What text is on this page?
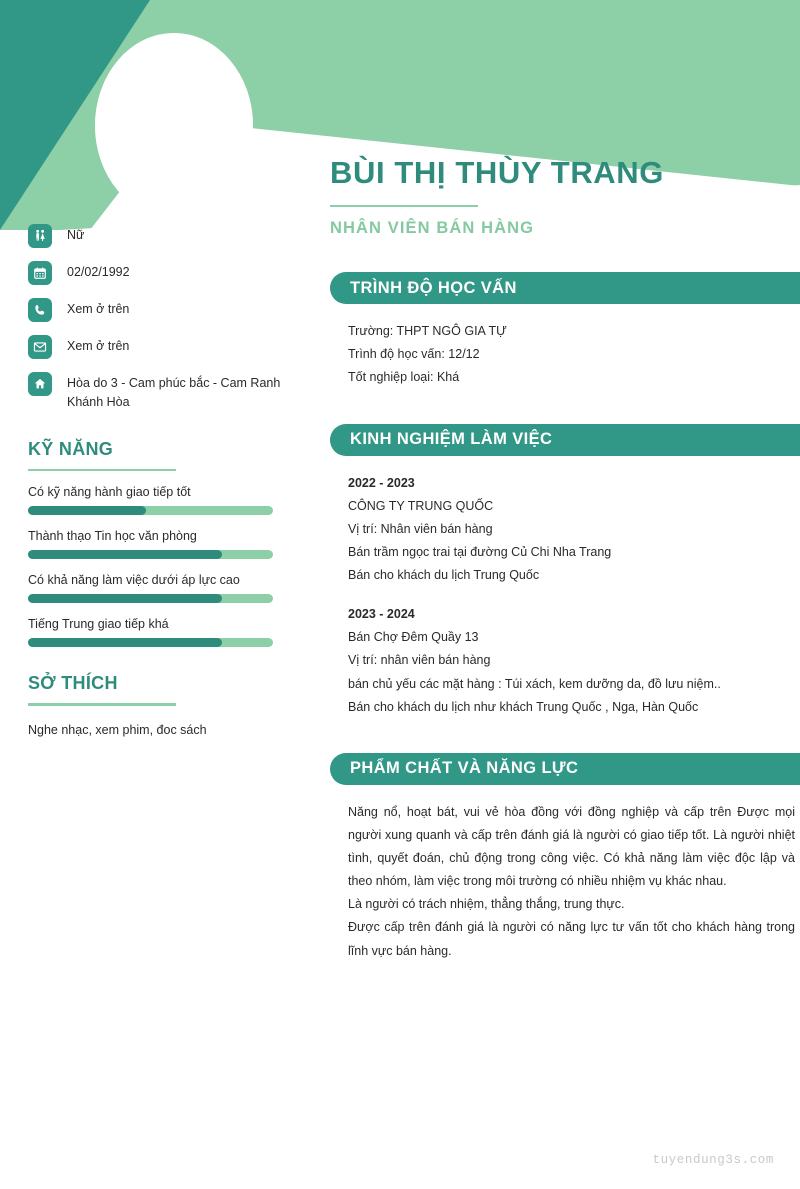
Nữ
02/02/1992
Xem ở trên
Xem ở trên
Hòa do 3 - Cam phúc bắc - Cam Ranh Khánh Hòa
KỸ NĂNG
Có kỹ năng hành giao tiếp tốt
Thành thạo Tin học văn phòng
Có khả năng làm việc dưới áp lực cao
Tiếng Trung giao tiếp khá
SỞ THÍCH
Nghe nhạc, xem phim, đoc sách
BÙI THỊ THÙY TRANG
NHÂN VIÊN BÁN HÀNG
TRÌNH ĐỘ HỌC VẤN
Trường: THPT NGÔ GIA TỰ
Trình độ học vấn: 12/12
Tốt nghiệp loại: Khá
KINH NGHIỆM LÀM VIỆC
2022 - 2023
CÔNG TY TRUNG QUỐC
Vị trí: Nhân viên bán hàng
Bán trầm ngọc trai tại đường Củ Chi Nha Trang
Bán cho khách du lịch Trung Quốc
2023 - 2024
Bán Chợ Đêm Quầy 13
Vị trí: nhân viên bán hàng
bán chủ yếu các mặt hàng : Túi xách, kem dưỡng da, đồ lưu niệm..
Bán cho khách du lịch như khách Trung Quốc , Nga, Hàn Quốc
PHẨM CHẤT VÀ NĂNG LỰC
Năng nổ, hoạt bát, vui vẻ hòa đồng với đồng nghiệp và cấp trên Được mọi người xung quanh và cấp trên đánh giá là người có giao tiếp tốt. Là người nhiệt tình, quyết đoán, chủ động trong công việc. Có khả năng làm việc độc lập và theo nhóm, làm việc trong môi trường có nhiều nhiệm vụ khác nhau.
Là người có trách nhiệm, thẳng thắng, trung thực.
Được cấp trên đánh giá là người có năng lực tư vấn tốt cho khách hàng trong lĩnh vực bán hàng.
tuyendung3s.com
